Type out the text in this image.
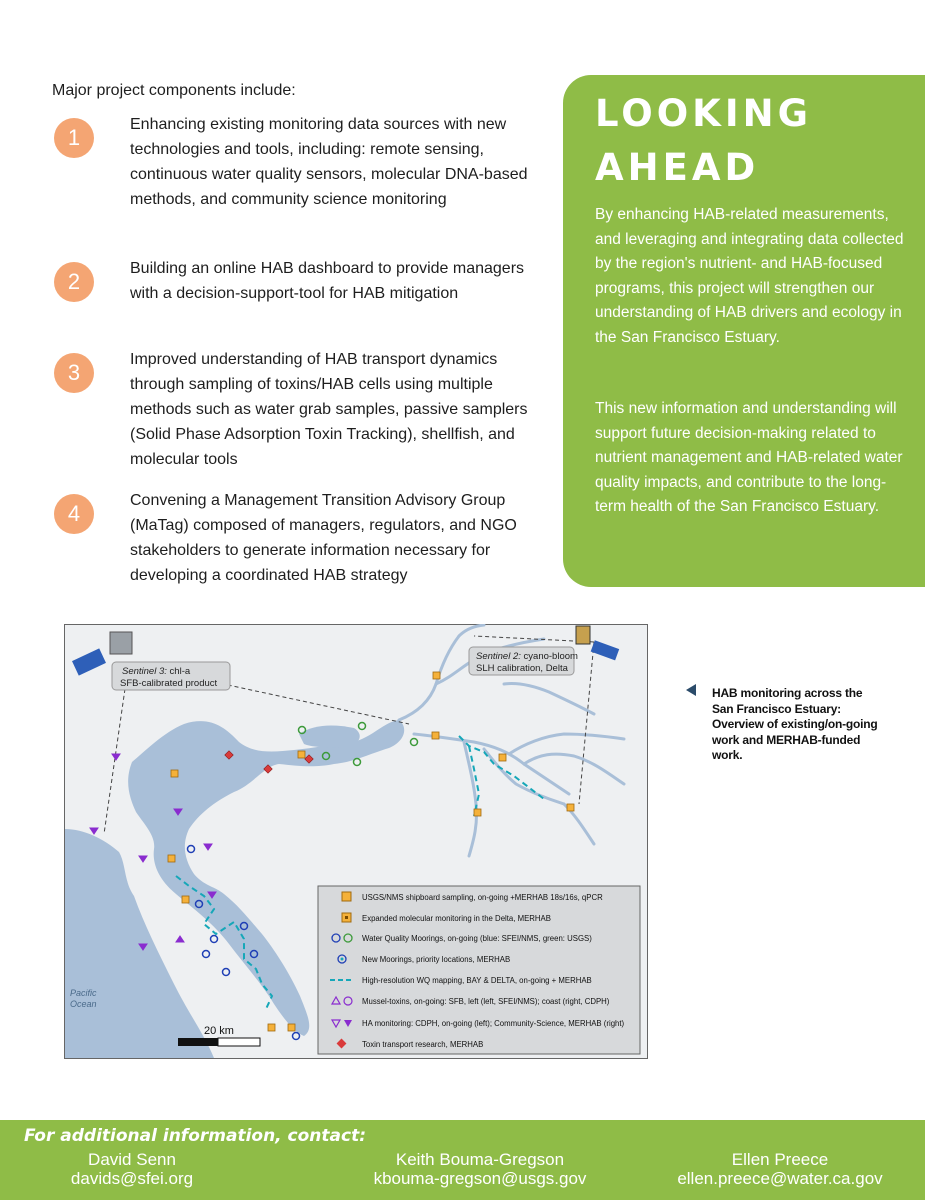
Major project components include:
1
Enhancing existing monitoring data sources with new technologies and tools, including: remote sensing, continuous water quality sensors, molecular DNA-based methods, and community science monitoring
2
Building an online HAB dashboard to provide managers with a decision-support-tool for HAB mitigation
3
Improved understanding of HAB transport dynamics through sampling of toxins/HAB cells using multiple methods such as water grab samples, passive samplers (Solid Phase Adsorption Toxin Tracking), shellfish, and molecular tools
4
Convening a Management Transition Advisory Group (MaTag) composed of managers, regulators, and NGO stakeholders to generate information necessary for developing a coordinated HAB strategy
LOOKING
AHEAD

By enhancing HAB-related measurements, and leveraging and integrating data collected by the region's nutrient- and HAB-focused programs, this project will strengthen our understanding of HAB drivers and ecology in the San Francisco Estuary.

This new information and understanding will support future decision-making related to nutrient management and HAB-related water quality impacts, and contribute to the long-term health of the San Francisco Estuary.

Sentinel 3: chl-a
SFB-calibrated product
Sentinel 2: cyano-bloom
SLH calibration, Delta
Pacific
Ocean
USGS/NMS shipboard sampling, on-going +MERHAB 18s/16s, qPCR
Expanded molecular monitoring in the Delta, MERHAB
Water Quality Moorings, on-going (blue: SFEI/NMS, green: USGS)
New Moorings, priority locations, MERHAB
High-resolution WQ mapping, BAY & DELTA, on-going + MERHAB
Mussel-toxins, on-going: SFB, left (left, SFEI/NMS); coast (right, CDPH)
HA monitoring: CDPH, on-going (left); Community-Science, MERHAB (right)
Toxin transport research, MERHAB
20 km
HAB monitoring across the San Francisco Estuary: Overview of existing/on-going work and MERHAB-funded work.
For additional information, contact:
David Senn
davids@sfei.org
Keith Bouma-Gregson
kbouma-gregson@usgs.gov
Ellen Preece
ellen.preece@water.ca.gov
